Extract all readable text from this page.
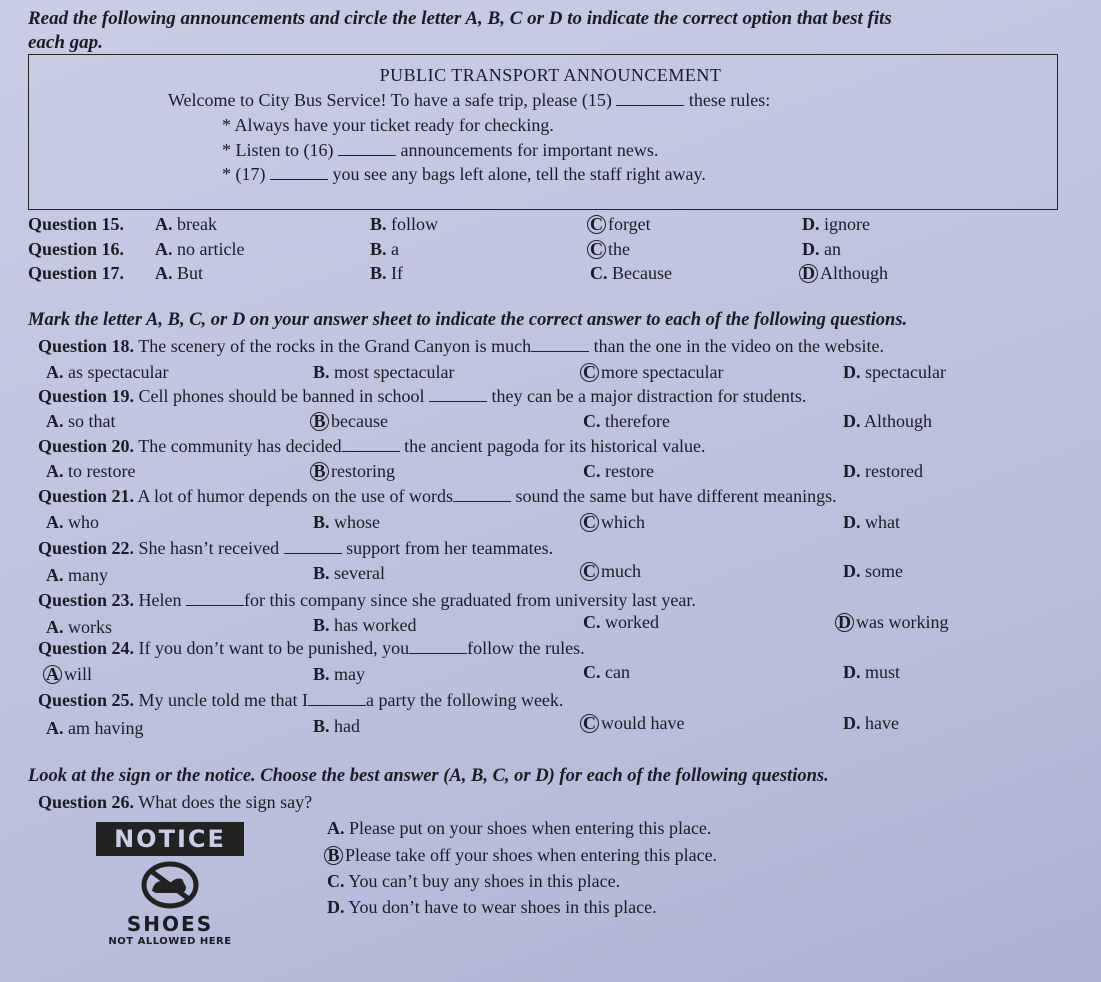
Read the following announcements and circle the letter A, B, C or D to indicate the correct option that best fits
each gap.
PUBLIC TRANSPORT ANNOUNCEMENT
Welcome to City Bus Service! To have a safe trip, please (15)	these rules:
* Always have your ticket ready for checking.
* Listen to (16)	announcements for important news.
* (17)	you see any bags left alone, tell the staff right away.
Question 15. A. break	B. follow	C forget	D. ignore
Question 16. A. no article	B. a	C the	D. an
Question 17. A. But	B. If	C. Because	D Although
Mark the letter A, B, C, or D on your answer sheet to indicate the correct answer to each of the following questions.
Question 18. The scenery of the rocks in the Grand Canyon is much	than the one in the video on the website.
A. as spectacular	B. most spectacular	C more spectacular	D. spectacular
Question 19. Cell phones should be banned in school	they can be a major distraction for students.
A. so that	B because	C. therefore	D. Although
Question 20. The community has decided	the ancient pagoda for its historical value.
A. to restore	B restoring	C. restore	D. restored
Question 21. A lot of humor depends on the use of words	sound the same but have different meanings.
A. who	B. whose	C which	D. what
Question 22. She hasn’t received	support from her teammates.
A. many	B. several	C much	D. some
Question 23. Helen	for this company since she graduated from university last year.
A. works	B. has worked	C. worked	D was working
Question 24. If you don’t want to be punished, you	follow the rules.
A will	B. may	C. can	D. must
Question 25. My uncle told me that I	a party the following week.
A. am having	B. had	C would have	D. have
Look at the sign or the notice. Choose the best answer (A, B, C, or D) for each of the following questions.
Question 26. What does the sign say?
A. Please put on your shoes when entering this place.
B Please take off your shoes when entering this place.
C. You can’t buy any shoes in this place.
D. You don’t have to wear shoes in this place.
NOTICE
SHOES
NOT ALLOWED HERE
